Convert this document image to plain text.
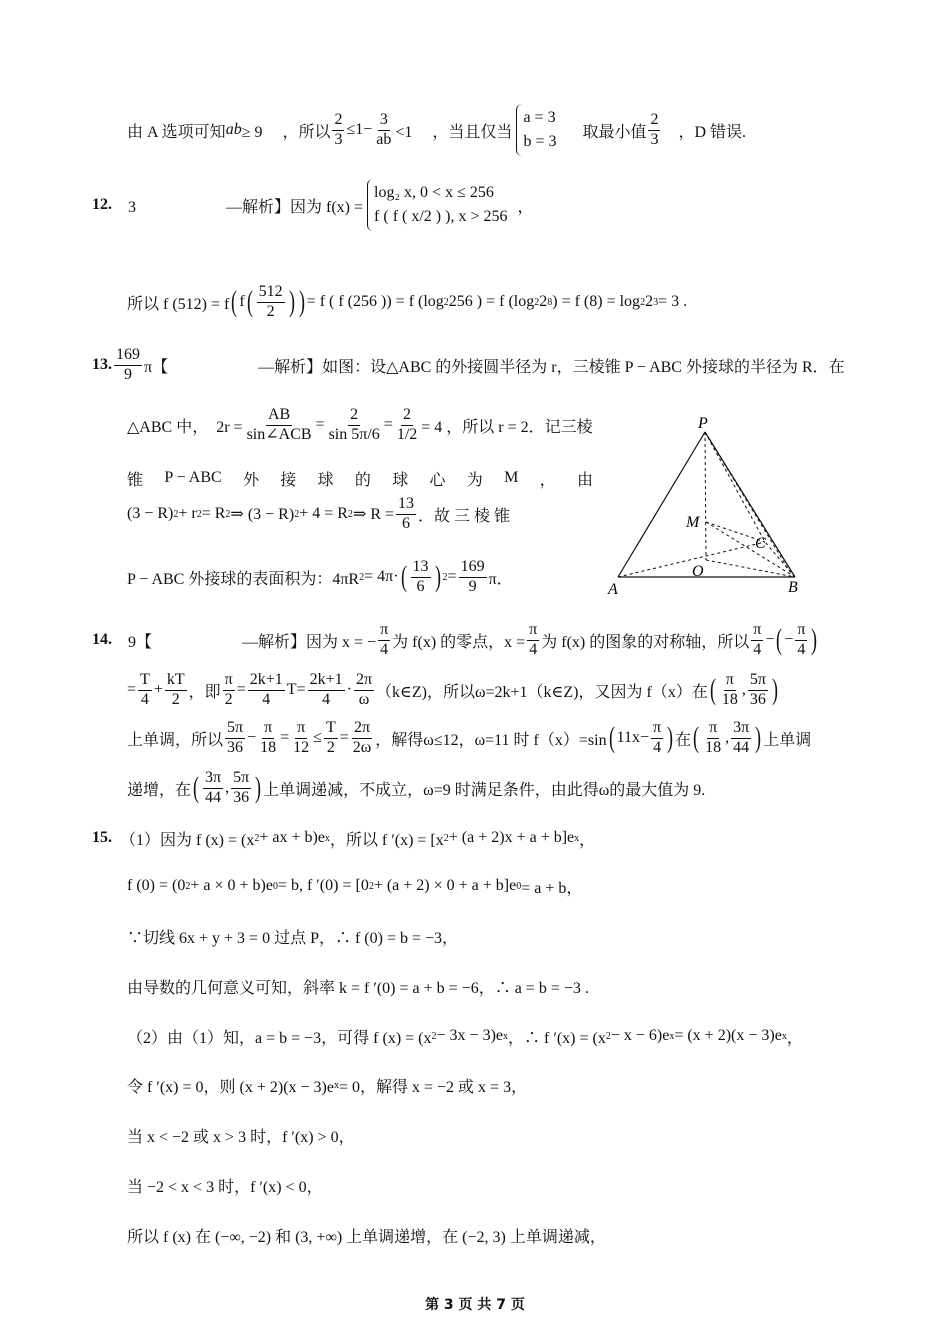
由 A 选项可知 ab ≥ 9 　，所以 $\frac{2}{3} \le 1- \frac{3}{ab} <1$ 　，当且仅当
a = 3
b = 3
　取最小值 $\frac{2}{3}$ 　，D 错误.
12. 　3	—解析】因为 f(x) =
log₂ x, 0 < x ≤ 256
f ( f ( x/2 ) ), x > 256
，
所以 f (512) = f ( f ( $\frac{512}{2}$ ) ) = f ( f (256 )) = f (log 2 256 ) = f (log 2 2 8 ) = f (8) = log 2 2 3 = 3 .
13. $\frac{169}{9}$ π【	—解析】如图：设△ABC 的外接圆半径为 r，三棱锥 P − ABC 外接球的半径为 R．在
△ABC 中，　2r =
AB
sin∠ACB
= $\frac{2}{\sin 5\pi/6} = \frac{2}{1/2} = 4$ ，所以 r = 2．记三棱
锥 P − ABC 外 接 球 的 球 心 为 M ， 由
(3 − R) 2 + r 2 = R 2 ⇒ (3 − R) 2 + 4 = R 2 ⇒ $R = \frac{13}{6}$ ．故 三 棱 锥
P − ABC 外接球的表面积为：4πR 2 = 4π· ( $\frac{13}{6}$ ) $2 = \frac{169}{9}$ π．
14. 　9【	—解析】因为 x = − $\frac{\pi}{4}$ 为 f(x) 的零点，$x = \frac{\pi}{4}$ 为 f(x) 的图象的对称轴，所以 $\frac{\pi}{4}$ − ( − $\frac{\pi}{4}$ )
= $\frac{T}{4} + \frac{kT}{2}$ ，即 $\frac{\pi}{2} = \frac{2k+1}{4} T= \frac{2k+1}{4} \cdot \frac{2\pi}{\omega}$ （k∈Z)，所以ω=2k+1（k∈Z)，又因为 f（x）在 ( $\frac{\pi}{18}$ , $\frac{5\pi}{36}$ )
上单调，所以 $\frac{5\pi}{36} - \frac{\pi}{18} = \frac{\pi}{12} \le \frac{T}{2} = \frac{2\pi}{2\omega}$ ，解得ω≤12，ω=11 时 f（x）=sin ( $11x- \frac{\pi}{4}$ ) 在 ( $\frac{\pi}{18}$ , $\frac{3\pi}{44}$ ) 上单调
递增，在 ( $\frac{3\pi}{44}$ , $\frac{5\pi}{36}$ ) 上单调递减，不成立，ω=9 时满足条件，由此得ω的最大值为 9.
15. 　（1）因为 f (x) = (x 2 + ax + b)e x ，所以 f ′(x) = [x 2 + (a + 2)x + a + b]e x ，
f (0) = (0 2 + a × 0 + b)e 0 = b, f ′(0) = [0 2 + (a + 2) × 0 + a + b]e 0 = a + b，
∵切线 6x + y + 3 = 0 过点 P，∴ f (0) = b = −3，
由导数的几何意义可知，斜率 k = f ′(0) = a + b = −6，∴ a = b = −3 .
（2）由（1）知，a = b = −3，可得 f (x) = (x 2 − 3x − 3)e x ，∴ f ′(x) = (x 2 − x − 6)e x = (x + 2)(x − 3)e x ，
令 f ′(x) = 0，则 (x + 2)(x − 3)e x = 0，解得 x = −2 或 x = 3，
当 x < −2 或 x > 3 时，f ′(x) > 0，
当 −2 < x < 3 时，f ′(x) < 0，
所以 f (x) 在 (−∞, −2) 和 (3, +∞) 上单调递增，在 (−2, 3) 上单调递减，
P
M
C
O
A	B
第 3 页 共 7 页
